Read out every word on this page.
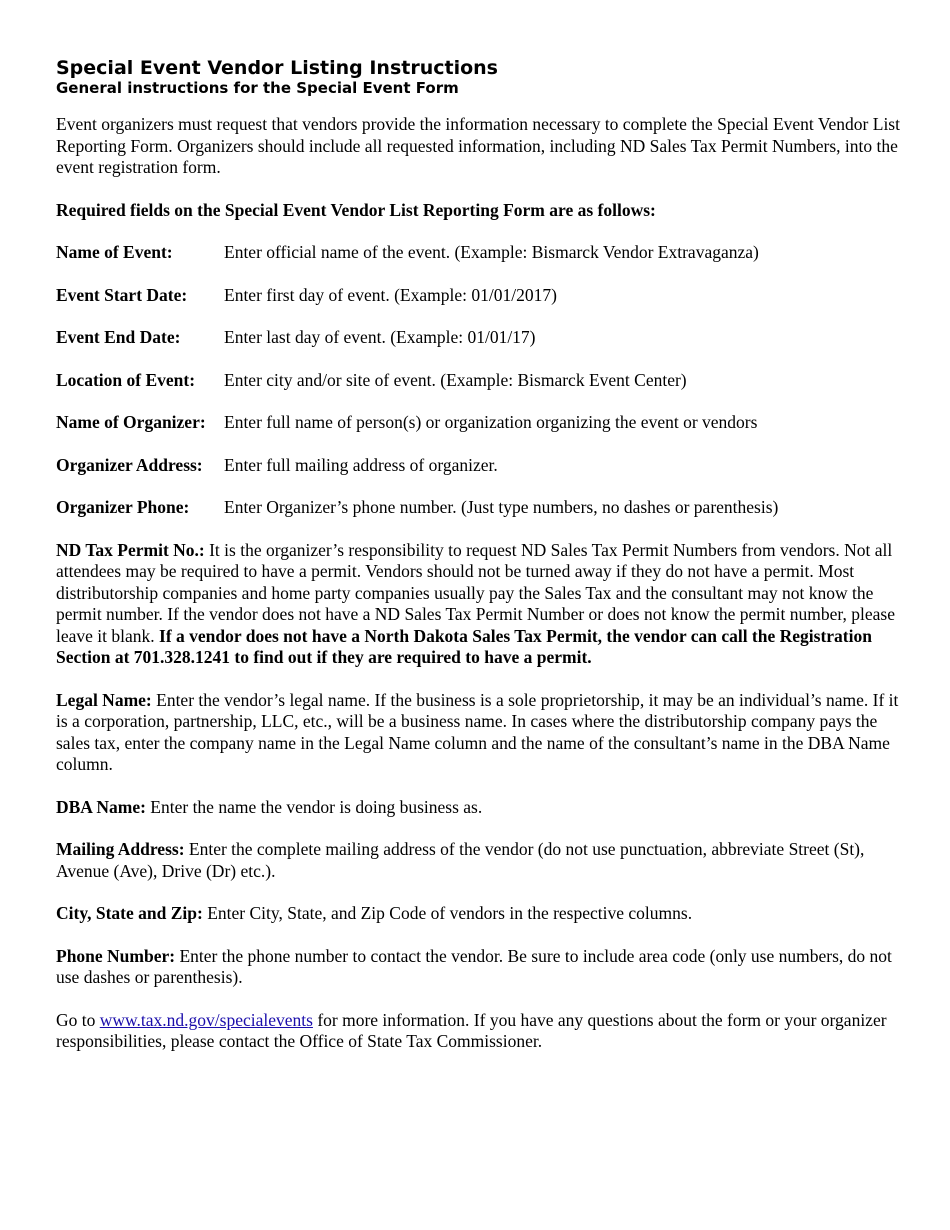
Special Event Vendor Listing Instructions
General instructions for the Special Event Form

Event organizers must request that vendors provide the information necessary to complete the Special Event Vendor List Reporting Form. Organizers should include all requested information, including ND Sales Tax Permit Numbers, into the event registration form.

Required fields on the Special Event Vendor List Reporting Form are as follows:

Name of Event:	Enter official name of the event. (Example: Bismarck Vendor Extravaganza)
Event Start Date:	Enter first day of event. (Example: 01/01/2017)
Event End Date:	Enter last day of event. (Example: 01/01/17)
Location of Event:	Enter city and/or site of event. (Example: Bismarck Event Center)
Name of Organizer:	Enter full name of person(s) or organization organizing the event or vendors
Organizer Address:	Enter full mailing address of organizer.
Organizer Phone:	Enter Organizer’s phone number. (Just type numbers, no dashes or parenthesis)

ND Tax Permit No.: It is the organizer’s responsibility to request ND Sales Tax Permit Numbers from vendors. Not all attendees may be required to have a permit. Vendors should not be turned away if they do not have a permit. Most distributorship companies and home party companies usually pay the Sales Tax and the consultant may not know the permit number. If the vendor does not have a ND Sales Tax Permit Number or does not know the permit number, please leave it blank. If a vendor does not have a North Dakota Sales Tax Permit, the vendor can call the Registration Section at 701.328.1241 to find out if they are required to have a permit.

Legal Name: Enter the vendor’s legal name. If the business is a sole proprietorship, it may be an individual’s name. If it is a corporation, partnership, LLC, etc., will be a business name. In cases where the distributorship company pays the sales tax, enter the company name in the Legal Name column and the name of the consultant’s name in the DBA Name column.

DBA Name: Enter the name the vendor is doing business as.

Mailing Address: Enter the complete mailing address of the vendor (do not use punctuation, abbreviate Street (St), Avenue (Ave), Drive (Dr) etc.).

City, State and Zip: Enter City, State, and Zip Code of vendors in the respective columns.

Phone Number: Enter the phone number to contact the vendor. Be sure to include area code (only use numbers, do not use dashes or parenthesis).

Go to www.tax.nd.gov/specialevents for more information. If you have any questions about the form or your organizer responsibilities, please contact the Office of State Tax Commissioner.
